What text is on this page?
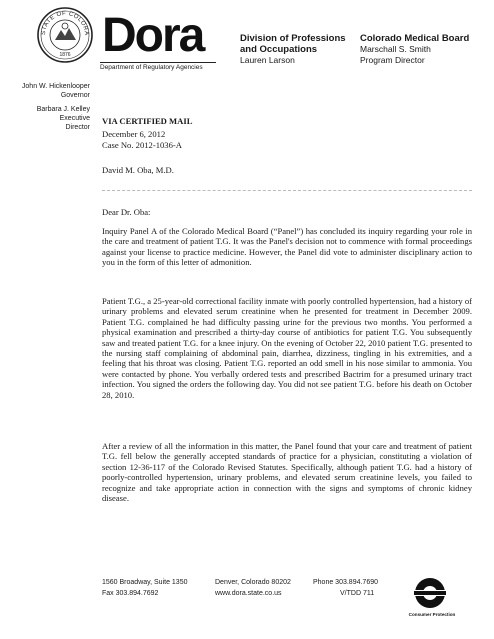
STATE OF COLORA
1876 Dora
Department of Regulatory Agencies
Division of Professions
and Occupations
Lauren Larson
Colorado Medical Board
Marschall S. Smith
Program Director
John W. Hickenlooper
Governor
Barbara J. Kelley
Executive
Director
VIA CERTIFIED MAIL
December 6, 2012
Case No. 2012-1036-A
David M. Oba, M.D.
Dear Dr. Oba:
Inquiry Panel A of the Colorado Medical Board (“Panel”) has concluded its inquiry regarding your role in the care and treatment of patient T.G. It was the Panel's decision not to commence with formal proceedings against your license to practice medicine. However, the Panel did vote to administer disciplinary action to you in the form of this letter of admonition.
Patient T.G., a 25-year-old correctional facility inmate with poorly controlled hypertension, had a history of urinary problems and elevated serum creatinine when he presented for treatment in December 2009. Patient T.G. complained he had difficulty passing urine for the previous two months. You performed a physical examination and prescribed a thirty-day course of antibiotics for patient T.G. You subsequently saw and treated patient T.G. for a knee injury. On the evening of October 22, 2010 patient T.G. presented to the nursing staff complaining of abdominal pain, diarrhea, dizziness, tingling in his extremities, and a feeling that his throat was closing. Patient T.G. reported an odd smell in his nose similar to ammonia. You were contacted by phone. You verbally ordered tests and prescribed Bactrim for a presumed urinary tract infection. You signed the orders the following day. You did not see patient T.G. before his death on October 28, 2010.
After a review of all the information in this matter, the Panel found that your care and treatment of patient T.G. fell below the generally accepted standards of practice for a physician, constituting a violation of section 12-36-117 of the Colorado Revised Statutes. Specifically, although patient T.G. had a history of poorly-controlled hypertension, urinary problems, and elevated serum creatinine levels, you failed to recognize and take appropriate action in connection with the signs and symptoms of chronic kidney disease.
1560 Broadway, Suite 1350
Fax 303.894.7692
Denver, Colorado 80202
www.dora.state.co.us
Phone 303.894.7690
V/TDD 711
Consumer Protection
